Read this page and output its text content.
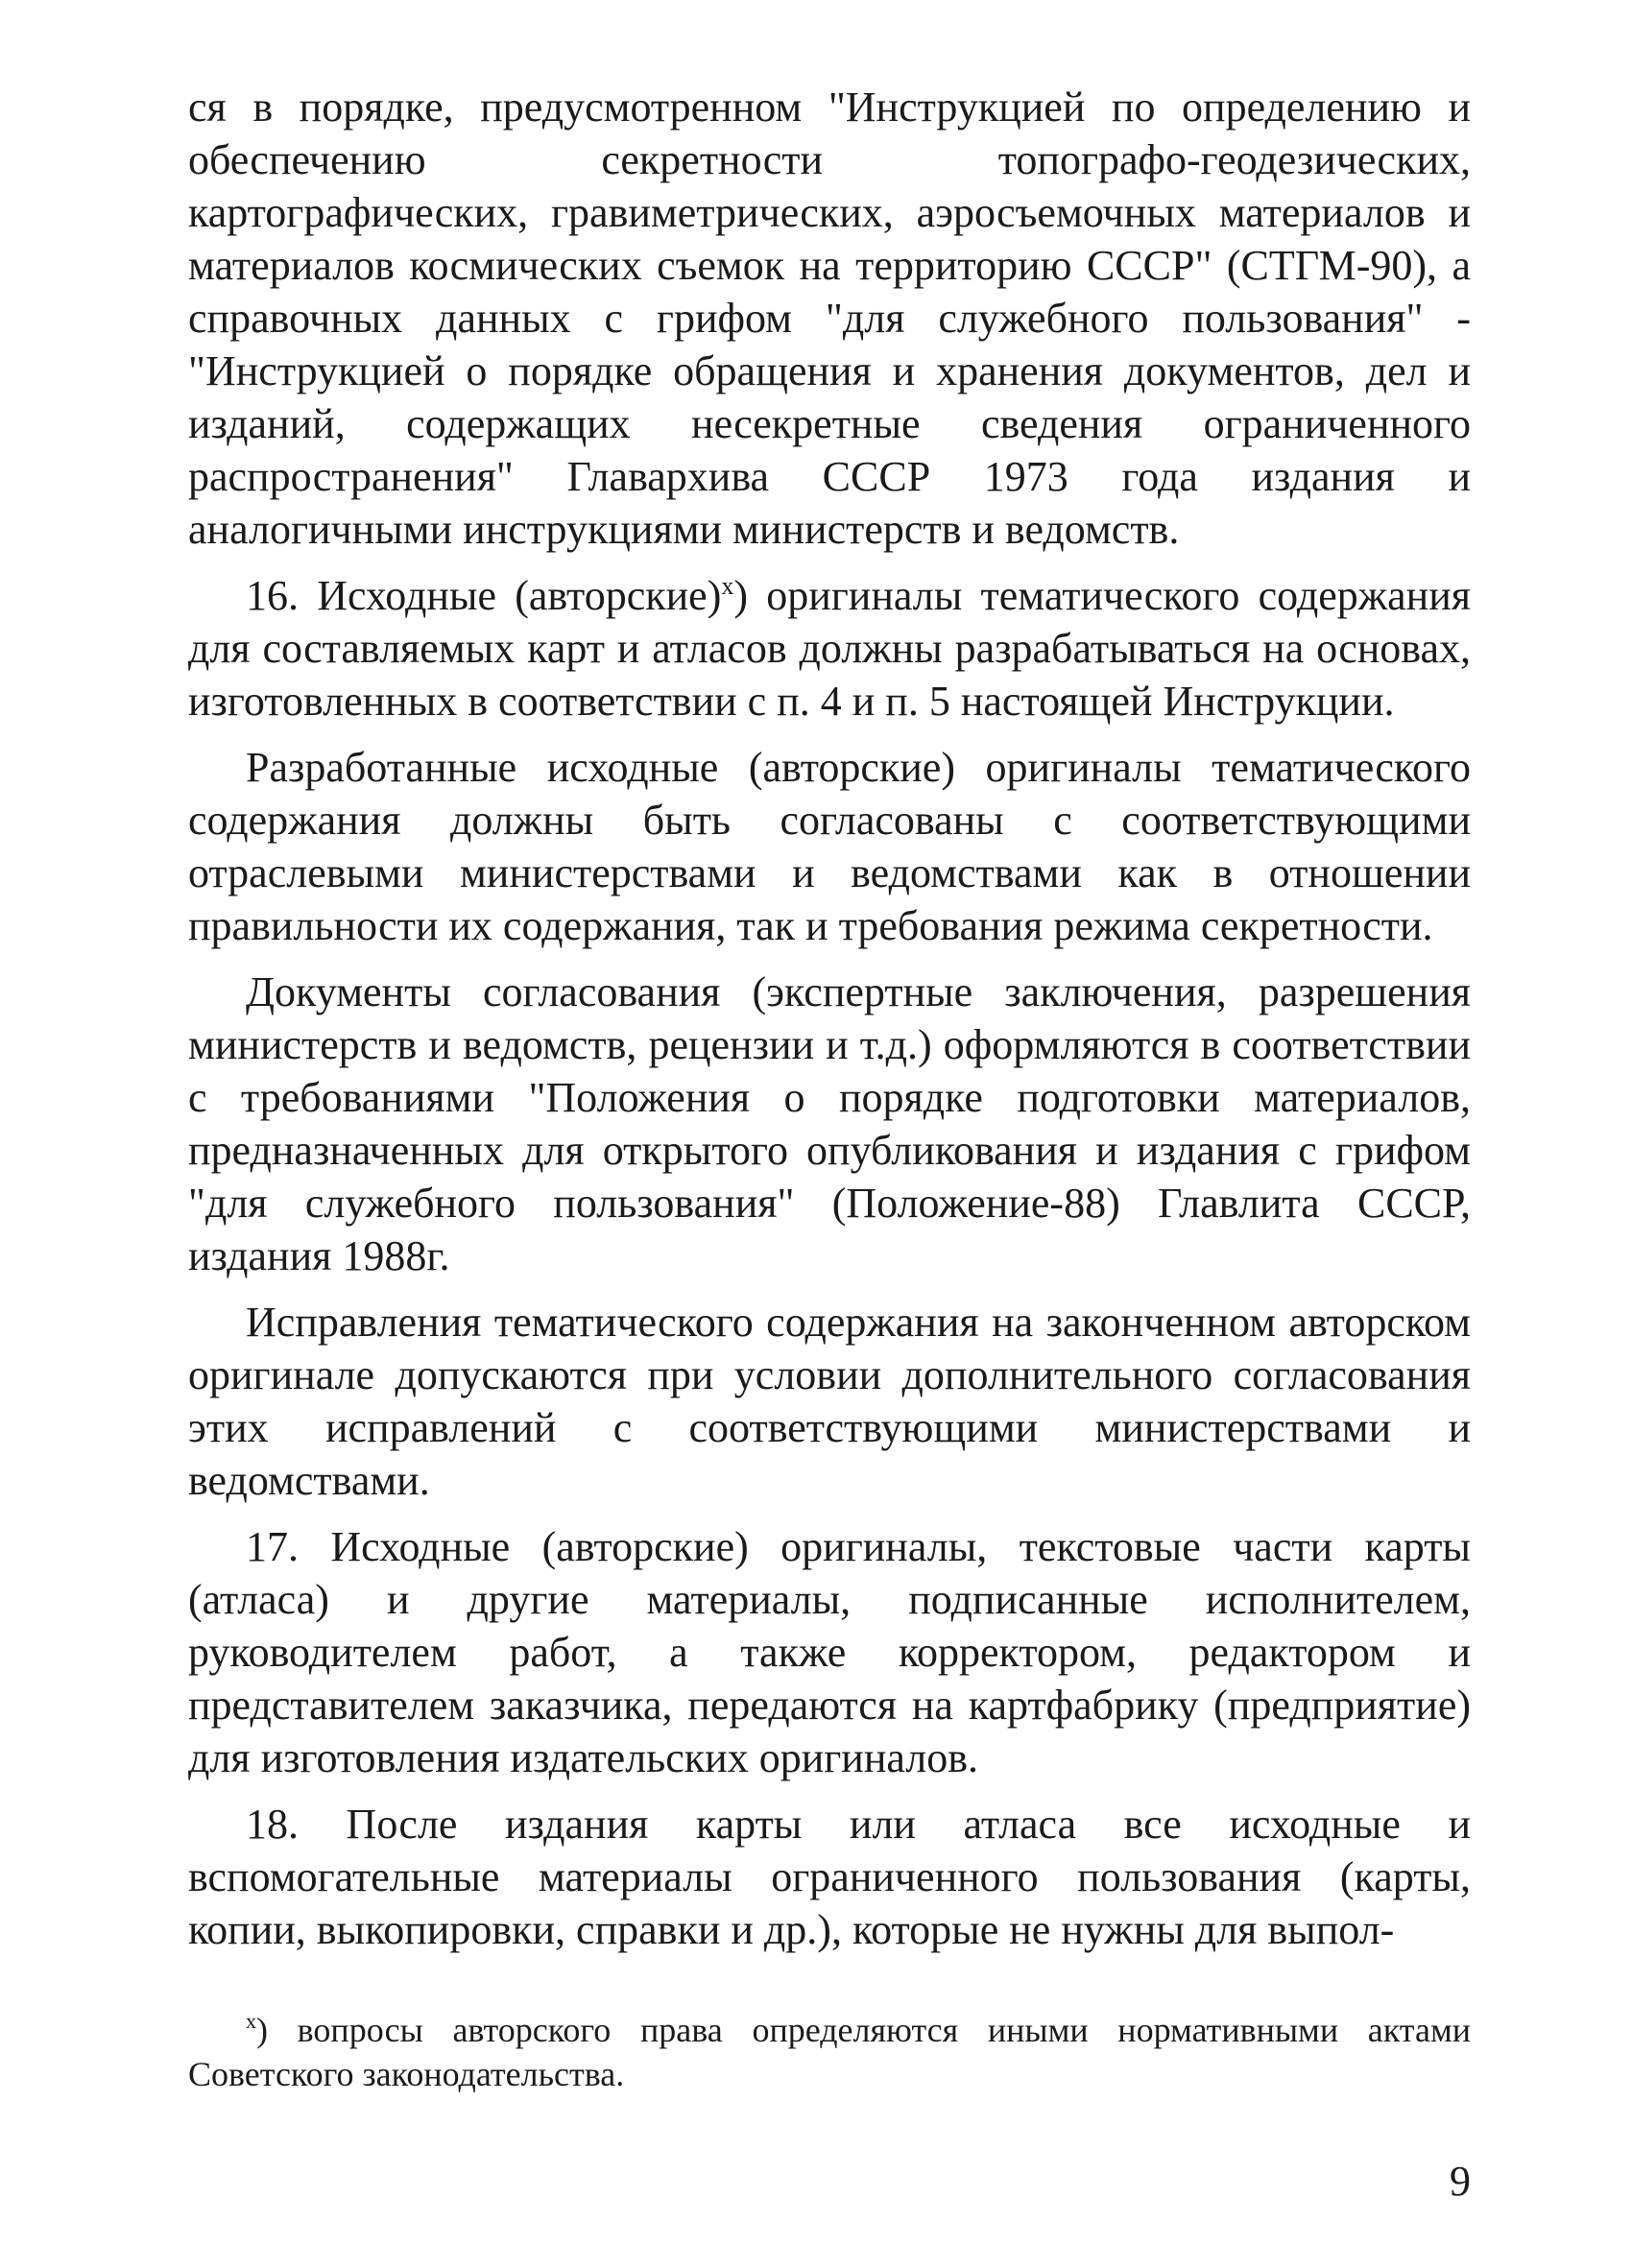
ся в порядке, предусмотренном "Инструкцией по определению и обеспечению секретности топографо-геодезических, картографических, гравиметрических, аэросъемочных материалов и материалов космических съемок на территорию СССР" (СТГМ-90), а справочных данных с грифом "для служебного пользования" - "Инструкцией о порядке обращения и хранения документов, дел и изданий, содержащих несекретные сведения ограниченного распространения" Главархива СССР 1973 года издания и аналогичными инструкциями министерств и ведомств.

16. Исходные (авторские)$^х$) оригиналы тематического содержания для составляемых карт и атласов должны разрабатываться на основах, изготовленных в соответствии с п. 4 и п. 5 настоящей Инструкции.

Разработанные исходные (авторские) оригиналы тематического содержания должны быть согласованы с соответствующими отраслевыми министерствами и ведомствами как в отношении правильности их содержания, так и требования режима секретности.

Документы согласования (экспертные заключения, разрешения министерств и ведомств, рецензии и т.д.) оформляются в соответствии с требованиями "Положения о порядке подготовки материалов, предназначенных для открытого опубликования и издания с грифом "для служебного пользования" (Положение-88) Главлита СССР, издания 1988г.

Исправления тематического содержания на законченном авторском оригинале допускаются при условии дополнительного согласования этих исправлений с соответствующими министерствами и ведомствами.

17. Исходные (авторские) оригиналы, текстовые части карты (атласа) и другие материалы, подписанные исполнителем, руководителем работ, а также корректором, редактором и представителем заказчика, передаются на картфабрику (предприятие) для изготовления издательских оригиналов.

18. После издания карты или атласа все исходные и вспомогательные материалы ограниченного пользования (карты, копии, выкопировки, справки и др.), которые не нужны для выпол-

$^х$) вопросы авторского права определяются иными нормативными актами Советского законодательства.

9
